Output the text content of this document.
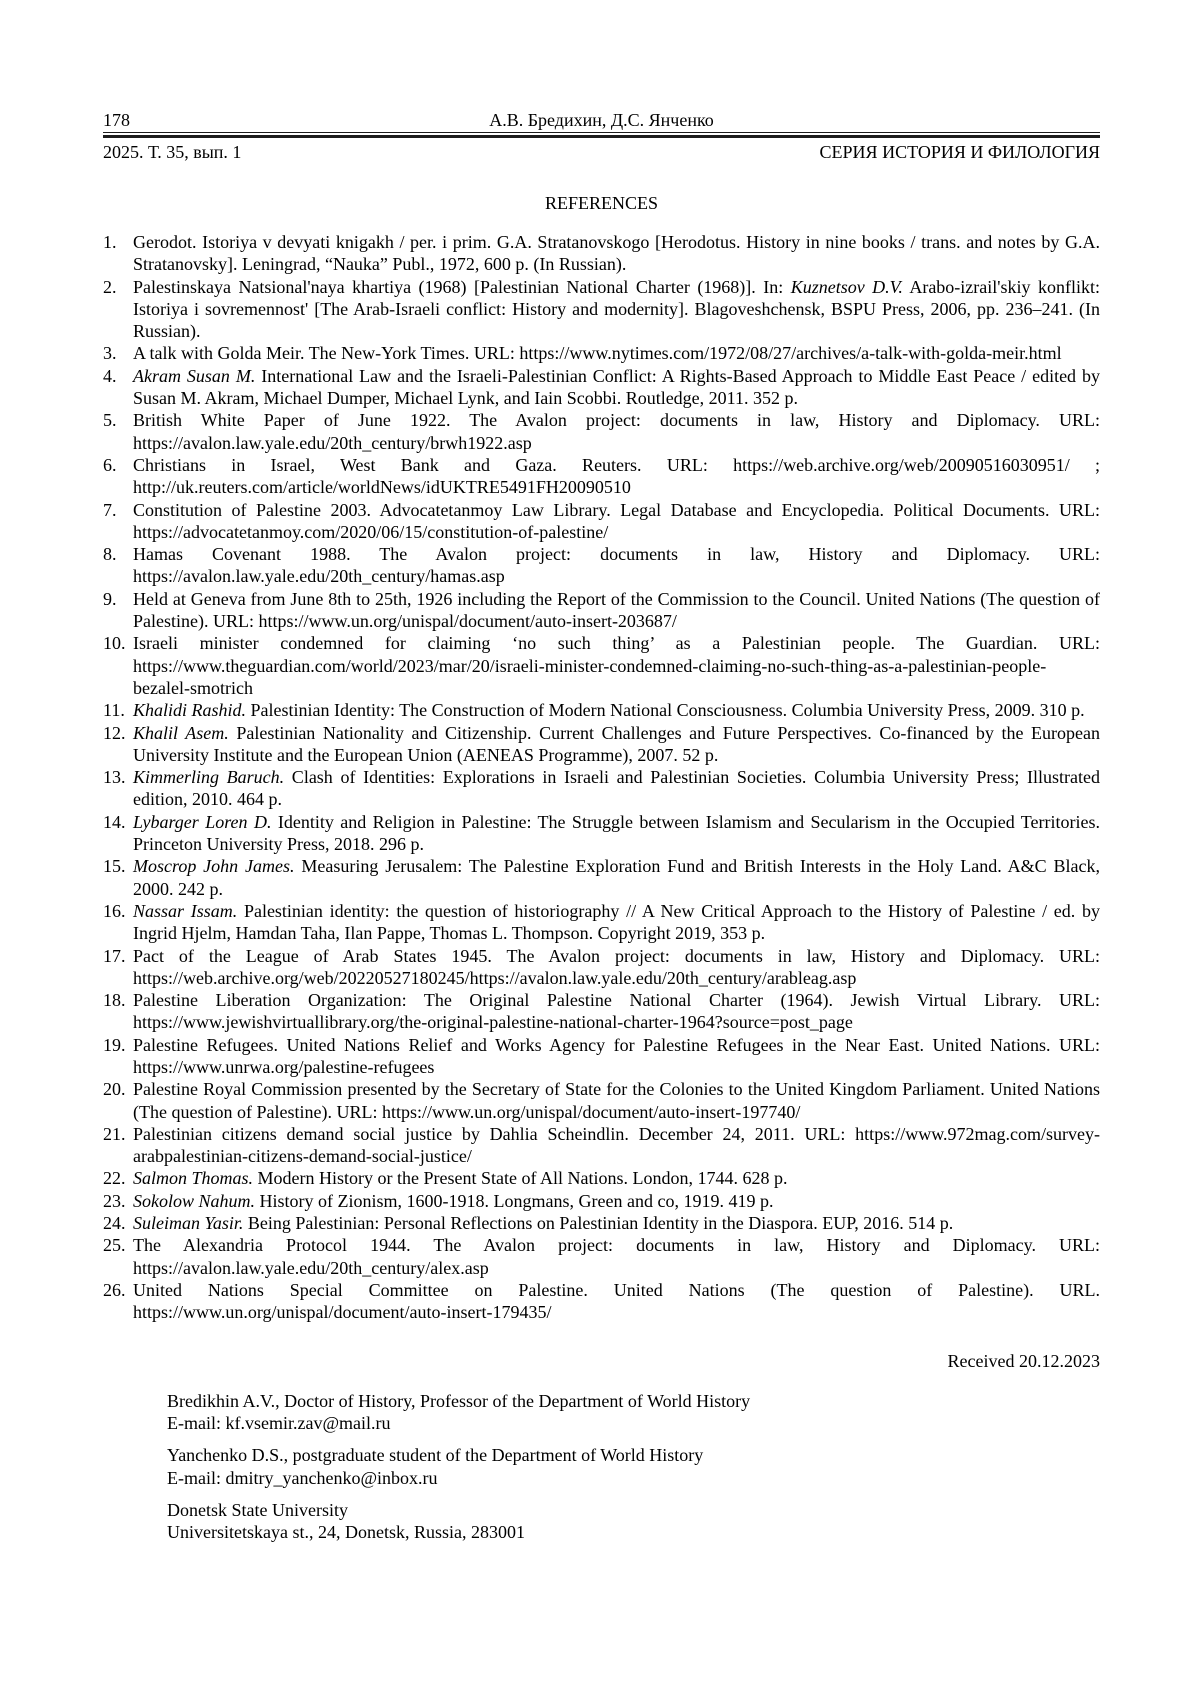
178	А.В. Бредихин, Д.С. Янченко
2025. Т. 35, вып. 1	СЕРИЯ ИСТОРИЯ И ФИЛОЛОГИЯ
REFERENCES
1. Gerodot. Istoriya v devyati knigakh / per. i prim. G.A. Stratanovskogo [Herodotus. History in nine books / trans. and notes by G.A. Stratanovsky]. Leningrad, “Nauka” Publ., 1972, 600 p. (In Russian).
2. Palestinskaya Natsional'naya khartiya (1968) [Palestinian National Charter (1968)]. In: Kuznetsov D.V. Arabo-izrail'skiy konflikt: Istoriya i sovremennost' [The Arab-Israeli conflict: History and modernity]. Blagoveshchensk, BSPU Press, 2006, pp. 236–241. (In Russian).
3. A talk with Golda Meir. The New-York Times. URL: https://www.nytimes.com/1972/08/27/archives/a-talk-with-golda-meir.html
4. Akram Susan M. International Law and the Israeli-Palestinian Conflict: A Rights-Based Approach to Middle East Peace / edited by Susan M. Akram, Michael Dumper, Michael Lynk, and Iain Scobbi. Routledge, 2011. 352 p.
5. British White Paper of June 1922. The Avalon project: documents in law, History and Diplomacy. URL: https://avalon.law.yale.edu/20th_century/brwh1922.asp
6. Christians in Israel, West Bank and Gaza. Reuters. URL: https://web.archive.org/web/20090516030951/ ; http://uk.reuters.com/article/worldNews/idUKTRE5491FH20090510
7. Constitution of Palestine 2003. Advocatetanmoy Law Library. Legal Database and Encyclopedia. Political Documents. URL: https://advocatetanmoy.com/2020/06/15/constitution-of-palestine/
8. Hamas Covenant 1988. The Avalon project: documents in law, History and Diplomacy. URL: https://avalon.law.yale.edu/20th_century/hamas.asp
9. Held at Geneva from June 8th to 25th, 1926 including the Report of the Commission to the Council. United Nations (The question of Palestine). URL: https://www.un.org/unispal/document/auto-insert-203687/
10. Israeli minister condemned for claiming ‘no such thing’ as a Palestinian people. The Guardian. URL: https://www.theguardian.com/world/2023/mar/20/israeli-minister-condemned-claiming-no-such-thing-as-a-palestinian-people-bezalel-smotrich
11. Khalidi Rashid. Palestinian Identity: The Construction of Modern National Consciousness. Columbia University Press, 2009. 310 p.
12. Khalil Asem. Palestinian Nationality and Citizenship. Current Challenges and Future Perspectives. Co-financed by the European University Institute and the European Union (AENEAS Programme), 2007. 52 p.
13. Kimmerling Baruch. Clash of Identities: Explorations in Israeli and Palestinian Societies. Columbia University Press; Illustrated edition, 2010. 464 p.
14. Lybarger Loren D. Identity and Religion in Palestine: The Struggle between Islamism and Secularism in the Occupied Territories. Princeton University Press, 2018. 296 p.
15. Moscrop John James. Measuring Jerusalem: The Palestine Exploration Fund and British Interests in the Holy Land. A&C Black, 2000. 242 p.
16. Nassar Issam. Palestinian identity: the question of historiography // A New Critical Approach to the History of Palestine / ed. by Ingrid Hjelm, Hamdan Taha, Ilan Pappe, Thomas L. Thompson. Copyright 2019, 353 p.
17. Pact of the League of Arab States 1945. The Avalon project: documents in law, History and Diplomacy. URL: https://web.archive.org/web/20220527180245/https://avalon.law.yale.edu/20th_century/arableag.asp
18. Palestine Liberation Organization: The Original Palestine National Charter (1964). Jewish Virtual Library. URL: https://www.jewishvirtuallibrary.org/the-original-palestine-national-charter-1964?source=post_page
19. Palestine Refugees. United Nations Relief and Works Agency for Palestine Refugees in the Near East. United Nations. URL: https://www.unrwa.org/palestine-refugees
20. Palestine Royal Commission presented by the Secretary of State for the Colonies to the United Kingdom Parliament. United Nations (The question of Palestine). URL: https://www.un.org/unispal/document/auto-insert-197740/
21. Palestinian citizens demand social justice by Dahlia Scheindlin. December 24, 2011. URL: https://www.972mag.com/survey-arabpalestinian-citizens-demand-social-justice/
22. Salmon Thomas. Modern History or the Present State of All Nations. London, 1744. 628 p.
23. Sokolow Nahum. History of Zionism, 1600-1918. Longmans, Green and co, 1919. 419 p.
24. Suleiman Yasir. Being Palestinian: Personal Reflections on Palestinian Identity in the Diaspora. EUP, 2016. 514 p.
25. The Alexandria Protocol 1944. The Avalon project: documents in law, History and Diplomacy. URL: https://avalon.law.yale.edu/20th_century/alex.asp
26. United Nations Special Committee on Palestine. United Nations (The question of Palestine). URL. https://www.un.org/unispal/document/auto-insert-179435/
Received 20.12.2023
Bredikhin A.V., Doctor of History, Professor of the Department of World History
E-mail: kf.vsemir.zav@mail.ru
Yanchenko D.S., postgraduate student of the Department of World History
E-mail: dmitry_yanchenko@inbox.ru
Donetsk State University
Universitetskaya st., 24, Donetsk, Russia, 283001
